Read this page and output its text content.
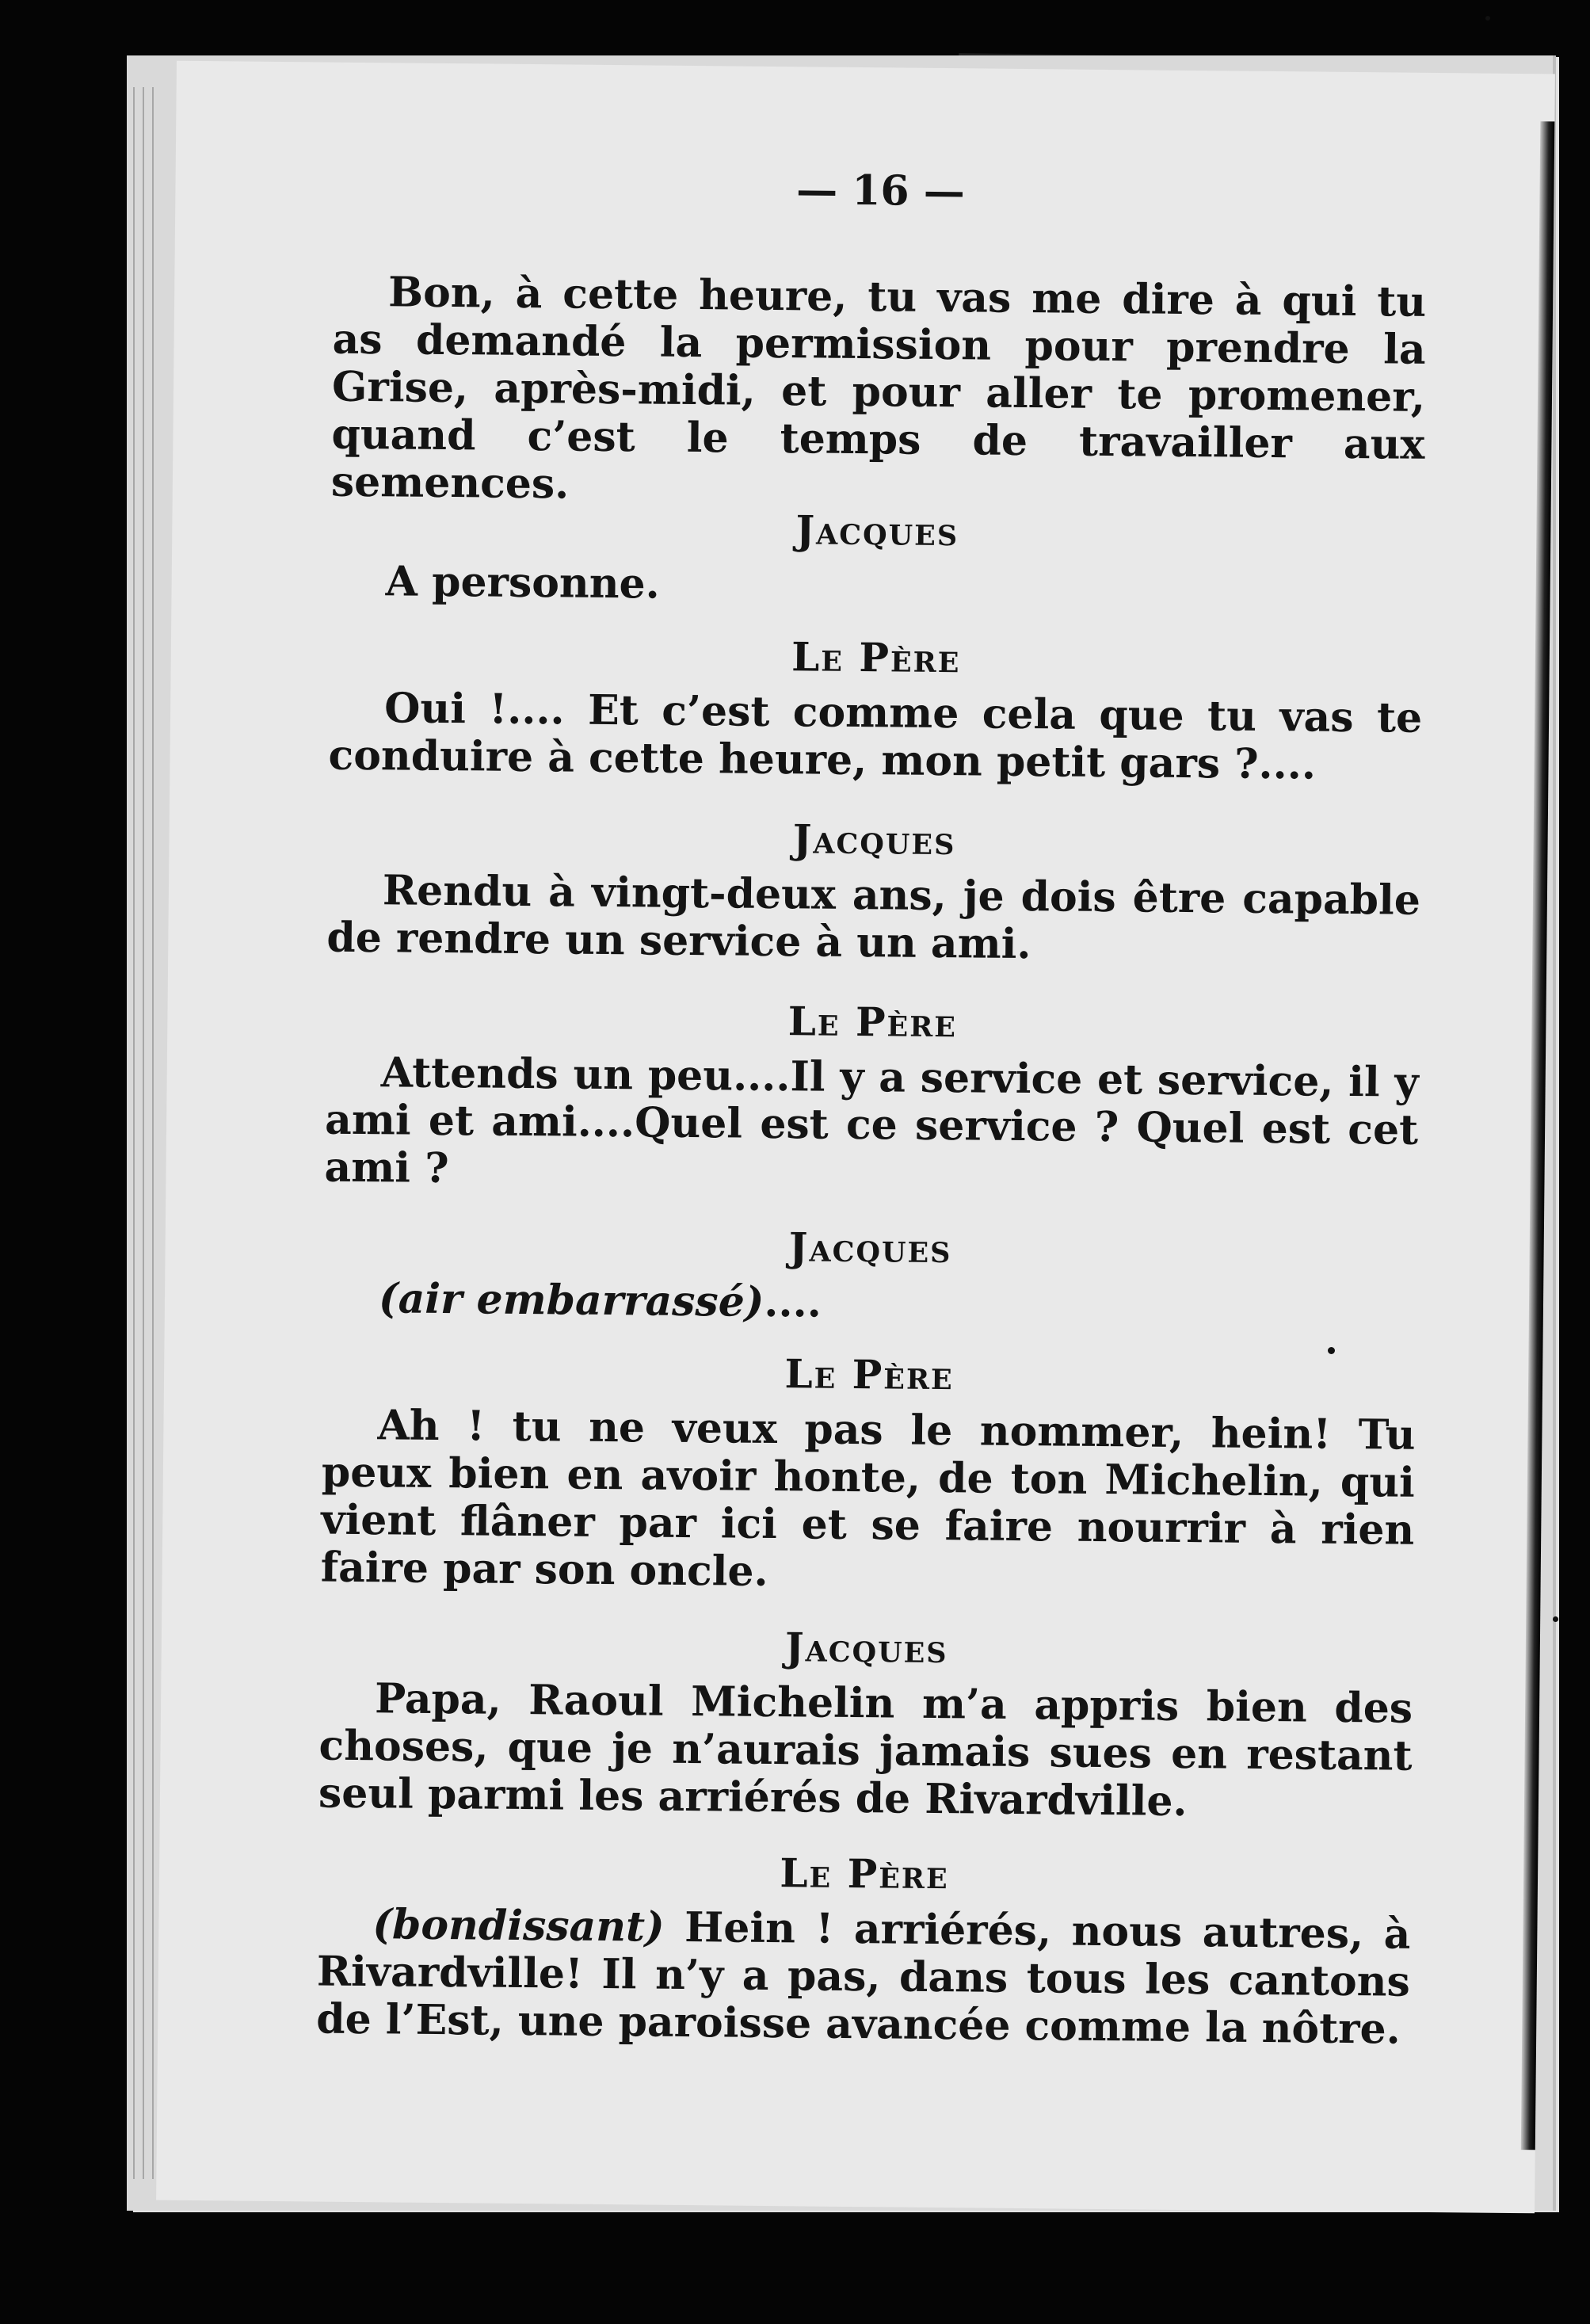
— 16 —

Bon, à cette heure, tu vas me dire à qui tu as demandé la permission pour prendre la Grise, après-midi, et pour aller te promener, quand c’est le temps de travailler aux semences.

Jacques

A personne.

Le Père

Oui !.... Et c’est comme cela que tu vas te conduire à cette heure, mon petit gars ?....

Jacques

Rendu à vingt-deux ans, je dois être capable de rendre un service à un ami.

Le Père

Attends un peu....Il y a service et service, il y ami et ami....Quel est ce service ? Quel est cet ami ?

Jacques

(air embarrassé)....

Le Père

Ah ! tu ne veux pas le nommer, hein! Tu peux bien en avoir honte, de ton Michelin, qui vient flâner par ici et se faire nourrir à rien faire par son oncle.

Jacques

Papa, Raoul Michelin m’a appris bien des choses, que je n’aurais jamais sues en restant seul parmi les arriérés de Rivardville.

Le Père

(bondissant) Hein ! arriérés, nous autres, à Rivardville! Il n’y a pas, dans tous les cantons de l’Est, une paroisse avancée comme la nôtre.
